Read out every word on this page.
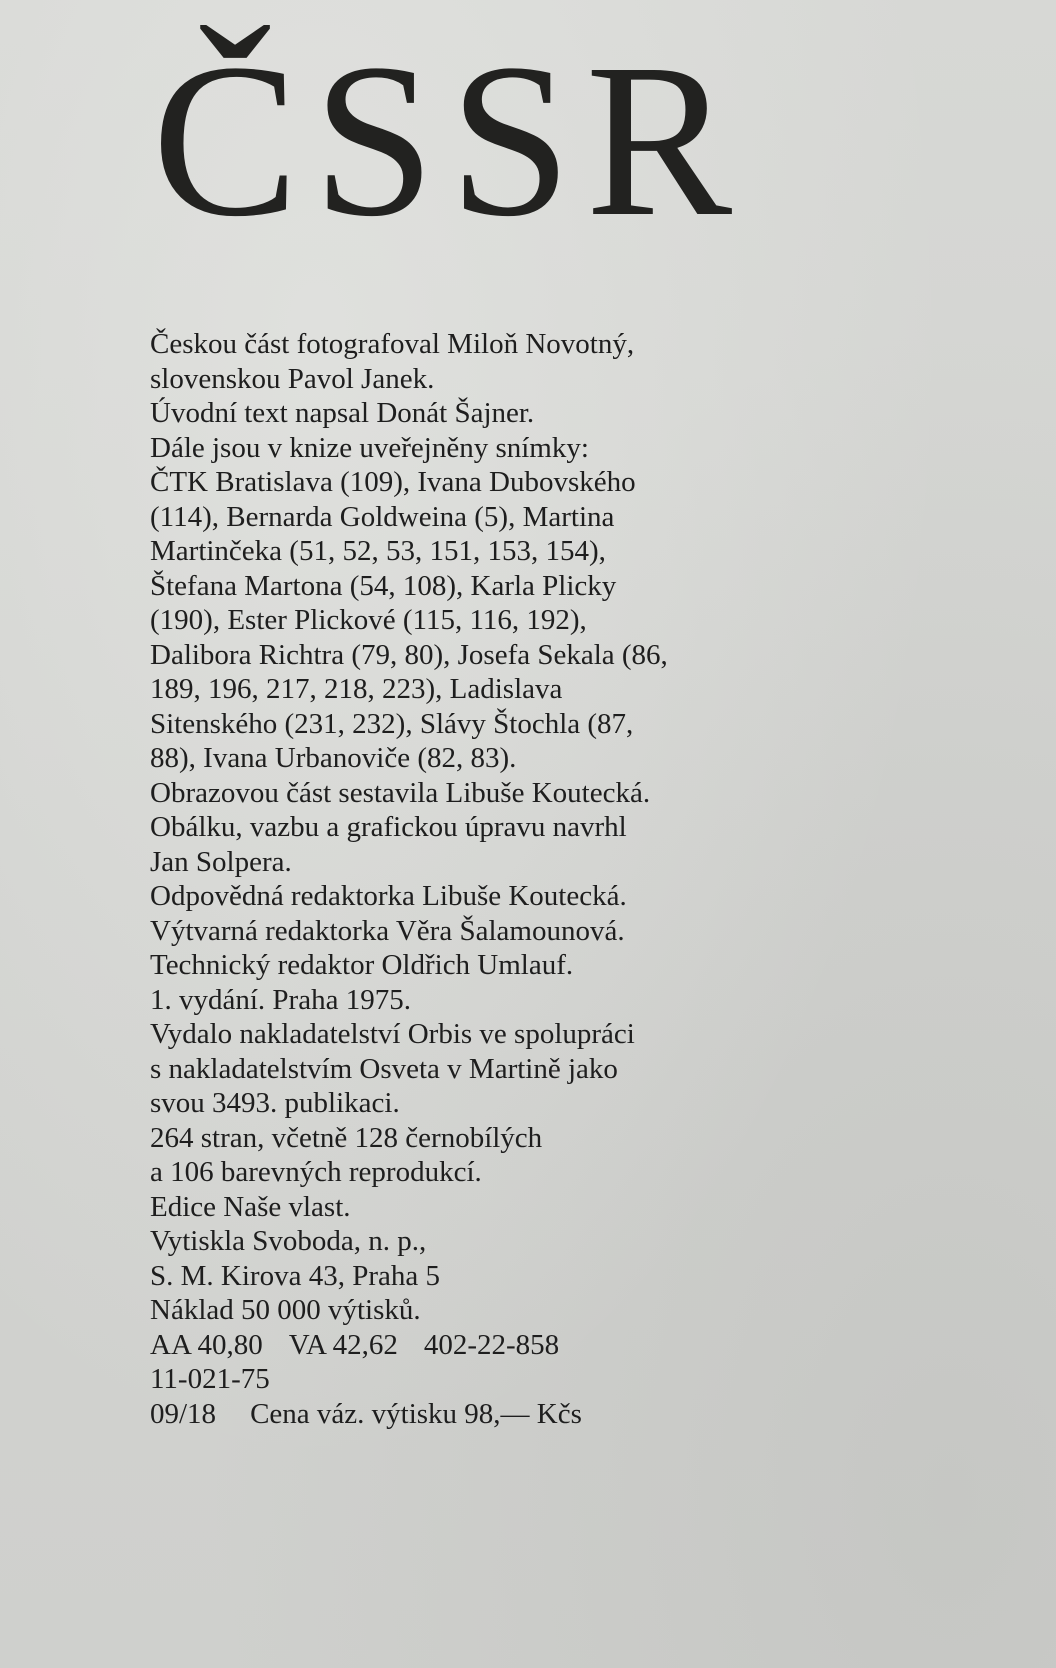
ČSSR
Českou část fotografoval Miloň Novotný,
slovenskou Pavol Janek.
Úvodní text napsal Donát Šajner.
Dále jsou v knize uveřejněny snímky:
ČTK Bratislava (109), Ivana Dubovského
(114), Bernarda Goldweina (5), Martina
Martinčeka (51, 52, 53, 151, 153, 154),
Štefana Martona (54, 108), Karla Plicky
(190), Ester Plickové (115, 116, 192),
Dalibora Richtra (79, 80), Josefa Sekala (86,
189, 196, 217, 218, 223), Ladislava
Sitenského (231, 232), Slávy Štochla (87,
88), Ivana Urbanoviče (82, 83).
Obrazovou část sestavila Libuše Koutecká.
Obálku, vazbu a grafickou úpravu navrhl
Jan Solpera.
Odpovědná redaktorka Libuše Koutecká.
Výtvarná redaktorka Věra Šalamounová.
Technický redaktor Oldřich Umlauf.
1. vydání. Praha 1975.
Vydalo nakladatelství Orbis ve spolupráci
s nakladatelstvím Osveta v Martině jako
svou 3493. publikaci.
264 stran, včetně 128 černobílých
a 106 barevných reprodukcí.
Edice Naše vlast.
Vytiskla Svoboda, n. p.,
S. M. Kirova 43, Praha 5
Náklad 50 000 výtisků.
AA 40,80 VA 42,62 402-22-858
11-021-75
09/18 Cena váz. výtisku 98,— Kčs
